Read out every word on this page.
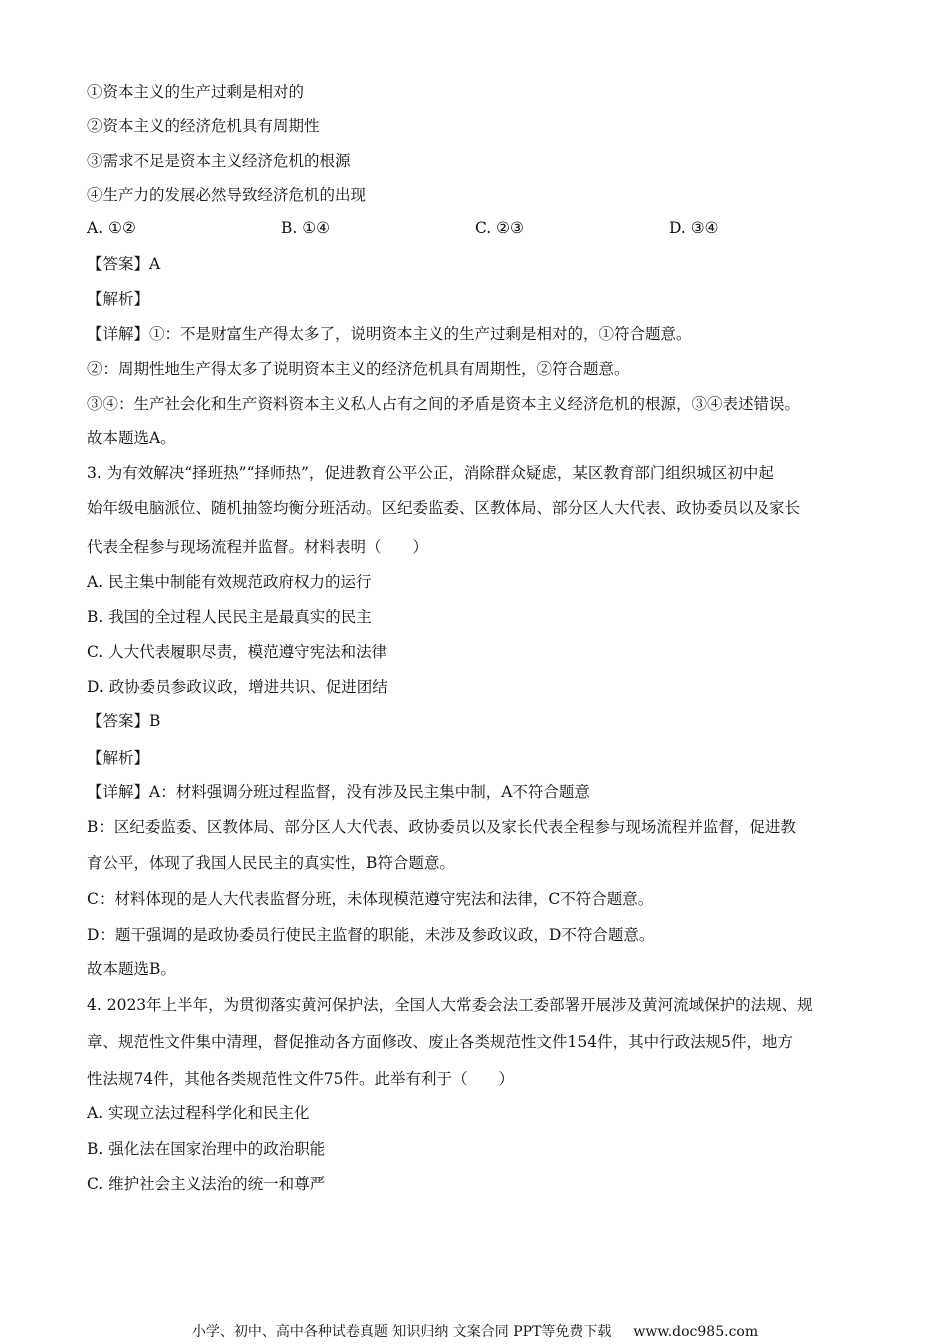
①资本主义的生产过剩是相对的
②资本主义的经济危机具有周期性
③需求不足是资本主义经济危机的根源
④生产力的发展必然导致经济危机的出现
A. ①②	B. ①④	C. ②③	D. ③④
【答案】A
【解析】
【详解】①：不是财富生产得太多了，说明资本主义的生产过剩是相对的，①符合题意。
②：周期性地生产得太多了说明资本主义的经济危机具有周期性，②符合题意。
③④：生产社会化和生产资料资本主义私人占有之间的矛盾是资本主义经济危机的根源，③④表述错误。
故本题选A。
3. 为有效解决“择班热”“择师热”，促进教育公平公正，消除群众疑虑，某区教育部门组织城区初中起
始年级电脑派位、随机抽签均衡分班活动。区纪委监委、区教体局、部分区人大代表、政协委员以及家长
代表全程参与现场流程并监督。材料表明（　　）
A. 民主集中制能有效规范政府权力的运行
B. 我国的全过程人民民主是最真实的民主
C. 人大代表履职尽责，模范遵守宪法和法律
D. 政协委员参政议政，增进共识、促进团结
【答案】B
【解析】
【详解】A：材料强调分班过程监督，没有涉及民主集中制，A不符合题意
B：区纪委监委、区教体局、部分区人大代表、政协委员以及家长代表全程参与现场流程并监督，促进教
育公平，体现了我国人民民主的真实性，B符合题意。
C：材料体现的是人大代表监督分班，未体现模范遵守宪法和法律，C不符合题意。
D：题干强调的是政协委员行使民主监督的职能，未涉及参政议政，D不符合题意。
故本题选B。
4. 2023年上半年，为贯彻落实黄河保护法，全国人大常委会法工委部署开展涉及黄河流域保护的法规、规
章、规范性文件集中清理，督促推动各方面修改、废止各类规范性文件154件，其中行政法规5件，地方
性法规74件，其他各类规范性文件75件。此举有利于（　　）
A. 实现立法过程科学化和民主化
B. 强化法在国家治理中的政治职能
C. 维护社会主义法治的统一和尊严
小学、初中、高中各种试卷真题 知识归纳 文案合同 PPT等免费下载 www.doc985.com
